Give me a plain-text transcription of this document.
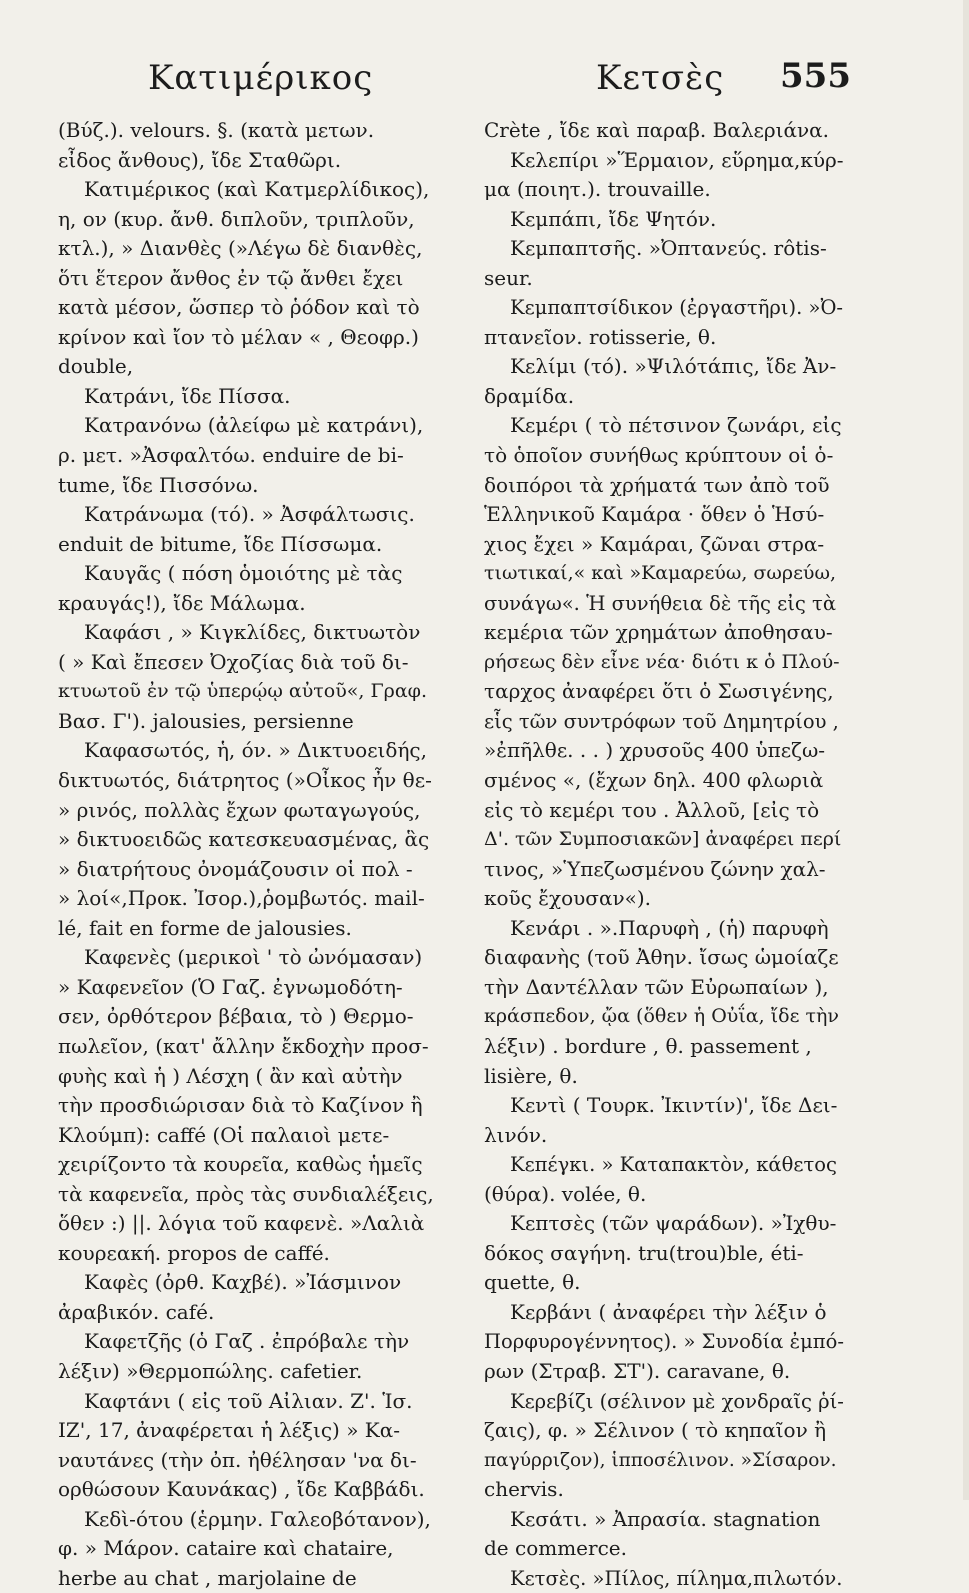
Κατιμέρικος	Κετσὲς 555
(Βύζ.). velours. §. (κατὰ μετων.
εἶδος ἄνθους), ἴδε Σταθῶρι.
Κατιμέρικος (καὶ Κατμερλίδικος),
η, ον (κυρ. ἄνθ. διπλοῦν, τριπλοῦν,
κτλ.), » Διανθὲς (»Λέγω δὲ διανθὲς,
ὅτι ἕτερον ἄνθος ἐν τῷ ἄνθει ἔχει
κατὰ μέσον, ὥσπερ τὸ ῥόδον καὶ τὸ
κρίνον καὶ ἴον τὸ μέλαν « , Θεοφρ.)
double,
Κατράνι, ἴδε Πίσσα.
Κατρανόνω (ἀλείφω μὲ κατράνι),
ρ. μετ. »Ἀσφαλτόω. enduire de bi-
tume, ἴδε Πισσόνω.
Κατράνωμα (τό). » Ἀσφάλτωσις.
enduit de bitume, ἴδε Πίσσωμα.
Καυγᾶς ( πόση ὁμοιότης μὲ τὰς
κραυγάς!), ἴδε Μάλωμα.
Καφάσι , » Κιγκλίδες, δικτυωτὸν
( » Καὶ ἔπεσεν Ὀχοζίας διὰ τοῦ δι-
κτυωτοῦ ἐν τῷ ὑπερῴῳ αὐτοῦ«, Γραφ.
Βασ. Γ'). jalousies, persienne
Καφασωτός, ἡ, όν. » Δικτυοειδής,
δικτυωτός, διάτρητος (»Οἶκος ἦν θε-
» ρινός, πολλὰς ἔχων φωταγωγούς,
» δικτυοειδῶς κατεσκευασμένας, ἃς
» διατρήτους ὀνομάζουσιν οἱ πολ -
» λοί«,Προκ. Ἰσορ.),ῥομβωτός. mail-
lé, fait en forme de jalousies.
Καφενὲς (μερικοὶ ' τὸ ὠνόμασαν)
» Καφενεῖον (Ὁ Γαζ. ἐγνωμοδότη-
σεν, ὀρθότερον βέβαια, τὸ ) Θερμο-
πωλεῖον, (κατ' ἄλλην ἔκδοχὴν προσ-
φυὴς καὶ ἡ ) Λέσχη ( ἂν καὶ αὐτὴν
τὴν προσδιώρισαν διὰ τὸ Καζίνον ἢ
Κλούμπ): caffé (Οἱ παλαιοὶ μετε-
χειρίζοντο τὰ κουρεῖα, καθὼς ἡμεῖς
τὰ καφενεῖα, πρὸς τὰς συνδιαλέξεις,
ὅθεν :) ||. λόγια τοῦ καφενὲ. »Λαλιὰ
κουρεακή. propos de caffé.
Καφὲς (ὀρθ. Καχβέ). »Ἰάσμινον
ἀραβικόν. café.
Καφετζῆς (ὁ Γαζ . ἐπρόβαλε τὴν
λέξιν) »Θερμοπώλης. cafetier.
Καφτάνι ( εἰς τοῦ Αἰλιαν. Ζ'. Ἱσ.
ΙΖ', 17, ἀναφέρεται ἡ λέξις) » Κα-
ναυτάνες (τὴν ὀπ. ἠθέλησαν 'να δι-
ορθώσουν Καυνάκας) , ἴδε Καββάδι.
Κεδὶ-ότου (ἑρμην. Γαλεοβότανον),
φ. » Μάρον. cataire καὶ chataire,
herbe au chat , marjolaine de
Crète , ἴδε καὶ παραβ. Βαλεριάνα.
Κελεπίρι »Ἕρμαιον, εὕρημα,κύρ-
μα (ποιητ.). trouvaille.
Κεμπάπι, ἴδε Ψητόν.
Κεμπαπτσῆς. »Ὀπτανεύς. rôtis-
seur.
Κεμπαπτσίδικον (ἐργαστῆρι). »Ὀ-
πτανεῖον. rotisserie, θ.
Κελίμι (τό). »Ψιλότάπις, ἴδε Ἀν-
δραμίδα.
Κεμέρι ( τὸ πέτσινον ζωνάρι, εἰς
τὸ ὁποῖον συνήθως κρύπτουν οἱ ὁ-
δοιπόροι τὰ χρήματά των ἀπὸ τοῦ
Ἑλληνικοῦ Καμάρα · ὅθεν ὁ Ἡσύ-
χιος ἔχει » Καμάραι, ζῶναι στρα-
τιωτικαί,« καὶ »Καμαρεύω, σωρεύω,
συνάγω«. Ἡ συνήθεια δὲ τῆς εἰς τὰ
κεμέρια τῶν χρημάτων ἀποθησαυ-
ρήσεως δὲν εἶνε νέα· διότι κ ὁ Πλού-
ταρχος ἀναφέρει ὅτι ὁ Σωσιγένης,
εἷς τῶν συντρόφων τοῦ Δημητρίου ,
»ἐπῆλθε. . . ) χρυσοῦς 400 ὑπεζω-
σμένος «, (ἔχων δηλ. 400 φλωριὰ
εἰς τὸ κεμέρι του . Ἀλλοῦ, [εἰς τὸ
Δ'. τῶν Συμποσιακῶν] ἀναφέρει περί
τινος, »Ὑπεζωσμένου ζώνην χαλ-
κοῦς ἔχουσαν«).
Κενάρι . ».Παρυφὴ , (ἡ) παρυφὴ
διαφανὴς (τοῦ Ἀθην. ἴσως ὡμοίαζε
τὴν Δαντέλλαν τῶν Εὐρωπαίων ),
κράσπεδον, ᾤα (ὅθεν ἡ Οὐΐα, ἴδε τὴν
λέξιν) . bordure , θ. passement ,
lisière, θ.
Κεντὶ ( Τουρκ. Ἰκιντίν)', ἴδε Δει-
λινόν.
Κεπέγκι. » Καταπακτὸν, κάθετος
(θύρα). volée, θ.
Κεπτσὲς (τῶν ψαράδων). »Ἰχθυ-
δόκος σαγήνη. tru(trou)ble, éti-
quette, θ.
Κερβάνι ( ἀναφέρει τὴν λέξιν ὁ
Πορφυρογέννητος). » Συνοδία ἐμπό-
ρων (Στραβ. ΣΤ'). caravane, θ.
Κερεβίζι (σέλινον μὲ χονδραῖς ῥί-
ζαις), φ. » Σέλινον ( τὸ κηπαῖον ἢ
παγύρριζον), ἱπποσέλινον. »Σίσαρον.
chervis.
Κεσάτι. » Ἀπρασία. stagnation
de commerce.
Κετσὲς. »Πίλος, πίλημα,πιλωτόν.
